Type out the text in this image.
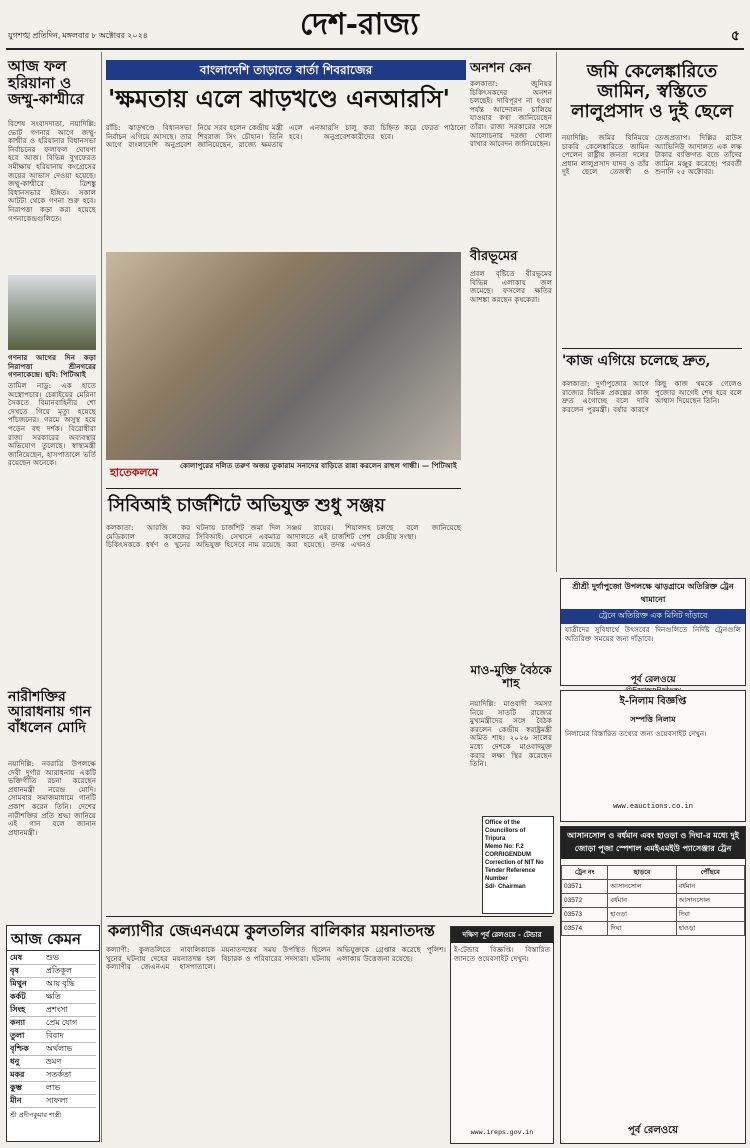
যুগশঙ্খ প্রতিদিন, মঙ্গলবার ৮ অক্টোবর ২০২৪	দেশ-রাজ্য	৫
আজ ফল হরিয়ানা ও জম্মু-কাশ্মীরে
বিশেষ সংবাদদাতা, নয়াদিল্লি: ভোট গণনার আগে জম্মু-কাশ্মীর ও হরিয়ানার বিধানসভা নির্বাচনের ফলাফল ঘোষণা হবে আজ। বিভিন্ন বুথফেরত সমীক্ষায় হরিয়ানায় কংগ্রেসের জয়ের আভাস দেওয়া হয়েছে। জম্মু-কাশ্মীরে ত্রিশঙ্কু বিধানসভার ইঙ্গিত। সকাল আটটা থেকে গণনা শুরু হবে। নিরাপত্তা কড়া করা হয়েছে গণনাকেন্দ্রগুলিতে।
গণনার আগের দিন কড়া নিরাপত্তা শ্রীনগরের গণনাকেন্দ্রে। ছবি: পিটিআই
তামিল নাডু: এক হাতে অস্ত্রোপচার। চেন্নাইয়ের মেরিনা সৈকতে বিমানবাহিনীর শো দেখতে গিয়ে মৃত্যু হয়েছে পাঁচজনের। গরমে অসুস্থ হয়ে পড়েন বহু দর্শক। বিরোধীরা রাজ্য সরকারের অব্যবস্থার অভিযোগ তুলেছে। স্বাস্থ্যমন্ত্রী জানিয়েছেন, হাসপাতালে ভর্তি রয়েছেন অনেকে।
নারীশক্তির আরাধনায় গান বাঁধলেন মোদি
নয়াদিল্লি: নবরাত্রি উপলক্ষে দেবী দুর্গার আরাধনায় একটি ভক্তিগীতি রচনা করেছেন প্রধানমন্ত্রী নরেন্দ্র মোদি। সোমবার সমাজমাধ্যমে গানটি প্রকাশ করেন তিনি। দেশের নারীশক্তির প্রতি শ্রদ্ধা জানিয়ে এই গান বলে জানান প্রধানমন্ত্রী।
আজ কেমন
মেষ	শুভ
বৃষ	প্রতিকূল
মিথুন	আয় বৃদ্ধি
কর্কট	ক্ষতি
সিংহ	প্রশংসা
কন্যা	প্রেম যোগ
তুলা	বিবাদ
বৃশ্চিক	অর্থলাভ
ধনু	ভ্রমণ
মকর	সতর্কতা
কুম্ভ	লাভ
মীন	সাফল্য
শ্রী প্রদীপকুমার শাস্ত্রী
বাংলাদেশি তাড়াতে বার্তা শিবরাজের
'ক্ষমতায় এলে ঝাড়খণ্ডে এনআরসি'
রাঁচি: ঝাড়খণ্ডে বিধানসভা নির্বাচন এগিয়ে আসছে। তার আগে বাংলাদেশি অনুপ্রবেশ নিয়ে সরব হলেন কেন্দ্রীয় মন্ত্রী শিবরাজ সিং চৌহান। তিনি জানিয়েছেন, রাজ্যে ক্ষমতায় এলে এনআরসি চালু করা হবে। অনুপ্রবেশকারীদের চিহ্নিত করে ফেরত পাঠানো হবে।
হাতেকলমে
কোলাপুরের দলিত তরুণ অজয় তুকারাম সনাদের বাড়িতে রান্না করলেন রাহুল গান্ধী। — পিটিআই
সিবিআই চার্জশিটে অভিযুক্ত শুধু সঞ্জয়
কলকাতা: আরজি কর মেডিক্যাল কলেজের চিকিৎসককে ধর্ষণ ও খুনের ঘটনায় চার্জশিট জমা দিল সিবিআই। সেখানে একমাত্র অভিযুক্ত হিসেবে নাম রয়েছে সঞ্জয় রায়ের। শিয়ালদহ আদালতে এই চার্জশিট পেশ করা হয়েছে। তদন্ত এখনও চলছে বলে জানিয়েছে কেন্দ্রীয় সংস্থা।
অনশন কেন
কলকাতা: জুনিয়র চিকিৎসকদের অনশন চলছেই। দাবিপূরণ না হওয়া পর্যন্ত আন্দোলন চালিয়ে যাওয়ার কথা জানিয়েছেন তাঁরা। রাজ্য সরকারের সঙ্গে আলোচনার দরজা খোলা রাখার আবেদন জানিয়েছেন।
বীরভূমের
প্রবল বৃষ্টিতে বীরভূমের বিভিন্ন এলাকায় জল জমেছে। ফসলের ক্ষতির আশঙ্কা করছেন কৃষকেরা।
মাও-মুক্তি বৈঠকে শাহ
নয়াদিল্লি: মাওবাদী সমস্যা নিয়ে সাতটি রাজ্যের মুখ্যমন্ত্রীদের সঙ্গে বৈঠক করলেন কেন্দ্রীয় স্বরাষ্ট্রমন্ত্রী অমিত শাহ। ২০২৬ সালের মধ্যে দেশকে মাওবাদমুক্ত করার লক্ষ্য স্থির করেছেন তিনি।
Office of the Councillors of
Tripura
Memo No: F.2
CORRIGENDUM
Correction of NIT No
Tender Reference Number
Sd/- Chairman
জমি কেলেঙ্কারিতে জামিন, স্বস্তিতে লালুপ্রসাদ ও দুই ছেলে
নয়াদিল্লি: জমির বিনিময়ে চাকরি কেলেঙ্কারিতে জামিন পেলেন রাষ্ট্রীয় জনতা দলের প্রধান লালুপ্রসাদ যাদব ও তাঁর দুই ছেলে তেজস্বী ও তেজপ্রতাপ। দিল্লির রাউস অ্যাভিনিউ আদালত এক লক্ষ টাকার ব্যক্তিগত বন্ডে তাঁদের জামিন মঞ্জুর করেছে। পরবর্তী শুনানি ২৫ অক্টোবর।
'কাজ এগিয়ে চলেছে দ্রুত,
কলকাতা: দুর্গাপুজোর আগে রাজ্যের বিভিন্ন প্রকল্পের কাজ দ্রুত এগোচ্ছে বলে দাবি করলেন পুরমন্ত্রী। বর্ষার কারণে কিছু কাজ থমকে গেলেও পুজোর আগেই শেষ হবে বলে আশ্বাস দিয়েছেন তিনি।
শ্রীশ্রী দুর্গাপুজো উপলক্ষে ঝাড়গ্রামে অতিরিক্ত ট্রেন থামানো
ট্রেনে অতিরিক্ত এক মিনিট দাঁড়াবে
যাত্রীদের সুবিধার্থে উৎসবের দিনগুলিতে নির্দিষ্ট ট্রেনগুলি অতিরিক্ত সময়ের জন্য দাঁড়াবে।
পূর্ব রেলওয়ে
ই-নিলাম বিজ্ঞপ্তি
সম্পত্তি নিলাম
নিলামের বিস্তারিত তথ্যের জন্য ওয়েবসাইট দেখুন।
www.eauctions.co.in
আসানসোল ও বর্ধমান এবং হাওড়া ও দিঘা-র মধ্যে দুই জোড়া পূজা স্পেশাল এমইএমইউ প্যাসেঞ্জার ট্রেন
ট্রেন নং	ছাড়বে	পৌঁছবে
03571	আসানসোল	বর্ধমান
03572	বর্ধমান	আসানসোল
03573	হাওড়া	দিঘা
03574	দিঘা	হাওড়া
পূর্ব রেলওয়ে
কল্যাণীর জেএনএমে কুলতলির বালিকার ময়নাতদন্ত
কল্যাণী: কুলতলিতে নাবালিকাকে খুনের ঘটনায় দেহের ময়নাতদন্ত হল কল্যাণীর জেএনএম হাসপাতালে। ময়নাতদন্তের সময় উপস্থিত ছিলেন বিচারক ও পরিবারের সদস্যরা। ঘটনায় অভিযুক্তকে গ্রেপ্তার করেছে পুলিশ। এলাকায় উত্তেজনা রয়েছে।
দক্ষিণ পূর্ব রেলওয়ে - টেন্ডার
ই-টেন্ডার বিজ্ঞপ্তি। বিস্তারিত জানতে ওয়েবসাইট দেখুন।
www.ireps.gov.in
